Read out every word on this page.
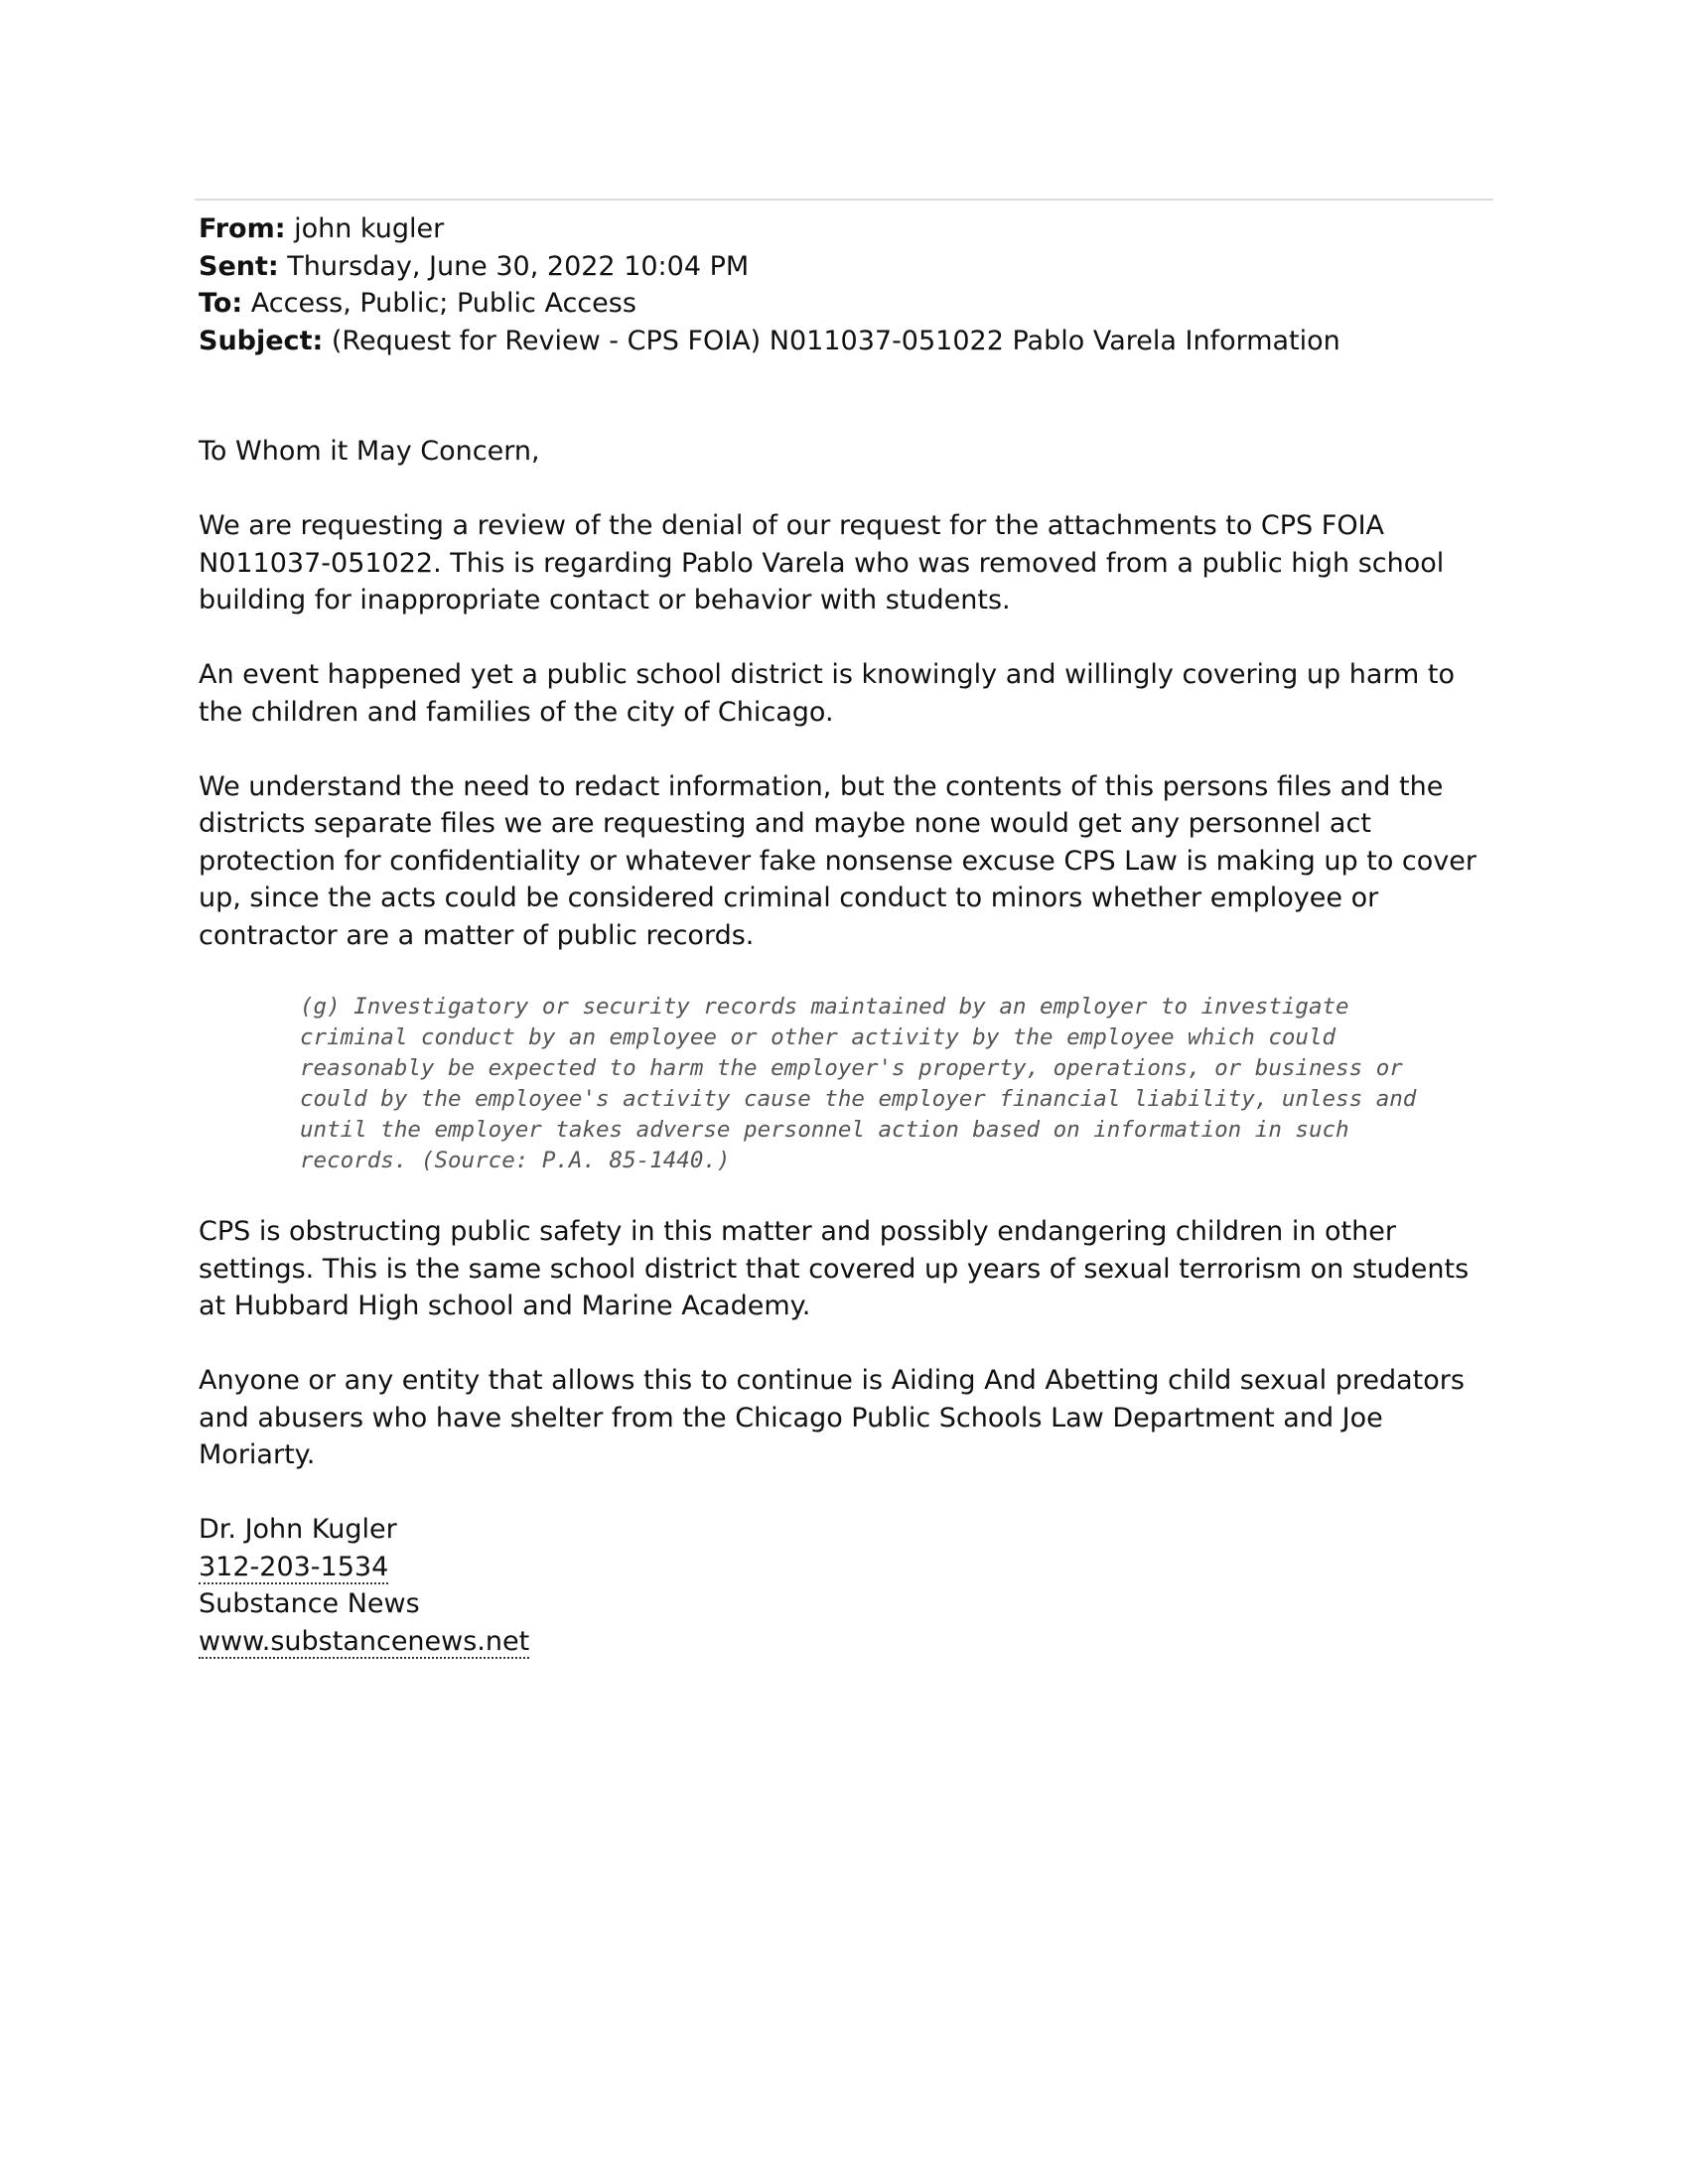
From: john kugler
Sent: Thursday, June 30, 2022 10:04 PM
To: Access, Public; Public Access
Subject: (Request for Review - CPS FOIA) N011037-051022 Pablo Varela Information

To Whom it May Concern,

We are requesting a review of the denial of our request for the attachments to CPS FOIA N011037-051022. This is regarding Pablo Varela who was removed from a public high school building for inappropriate contact or behavior with students.

An event happened yet a public school district is knowingly and willingly covering up harm to the children and families of the city of Chicago.

We understand the need to redact information, but the contents of this persons files and the districts separate files we are requesting and maybe none would get any personnel act protection for confidentiality or whatever fake nonsense excuse CPS Law is making up to cover up, since the acts could be considered criminal conduct to minors whether employee or contractor are a matter of public records.

(g) Investigatory or security records maintained by an employer to investigate criminal conduct by an employee or other activity by the employee which could reasonably be expected to harm the employer's property, operations, or business or could by the employee's activity cause the employer financial liability, unless and until the employer takes adverse personnel action based on information in such records. (Source: P.A. 85-1440.)

CPS is obstructing public safety in this matter and possibly endangering children in other settings. This is the same school district that covered up years of sexual terrorism on students at Hubbard High school and Marine Academy.

Anyone or any entity that allows this to continue is Aiding And Abetting child sexual predators and abusers who have shelter from the Chicago Public Schools Law Department and Joe Moriarty.

Dr. John Kugler
312-203-1534
Substance News
www.substancenews.net
